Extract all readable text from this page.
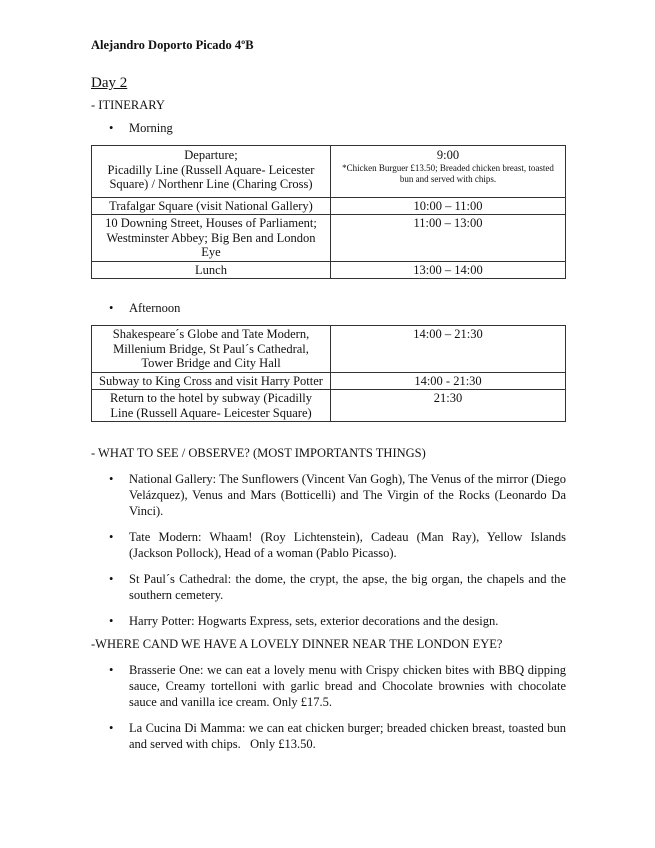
Alejandro Doporto Picado 4ºB

Day 2

- ITINERARY

•	Morning
Departure;
Picadilly Line (Russell Aquare- Leicester Square) / Northenr Line (Charing Cross)	9:00
*Chicken Burguer £13.50; Breaded chicken breast, toasted bun and served with chips.

Trafalgar Square (visit National Gallery)	10:00 – 11:00
10 Downing Street, Houses of Parliament; Westminster Abbey; Big Ben and London Eye	11:00 – 13:00
Lunch	13:00 – 14:00
•	Afternoon
Shakespeare´s Globe and Tate Modern, Millenium Bridge, St Paul´s Cathedral, Tower Bridge and City Hall	14:00 – 21:30
Subway to King Cross and visit Harry Potter	14:00 - 21:30
Return to the hotel by subway (Picadilly Line (Russell Aquare- Leicester Square)	21:30

- WHAT TO SEE / OBSERVE? (MOST IMPORTANTS THINGS)

•	National Gallery: The Sunflowers (Vincent Van Gogh), The Venus of the mirror (Diego Velázquez), Venus and Mars (Botticelli) and The Virgin of the Rocks (Leonardo Da Vinci).
•	Tate Modern: Whaam! (Roy Lichtenstein), Cadeau (Man Ray), Yellow Islands (Jackson Pollock), Head of a woman (Pablo Picasso).
•	St Paul´s Cathedral: the dome, the crypt, the apse, the big organ, the chapels and the southern cemetery.
•	Harry Potter: Hogwarts Express, sets, exterior decorations and the design.

-WHERE CAND WE HAVE A LOVELY DINNER NEAR THE LONDON EYE?

•	Brasserie One: we can eat a lovely menu with Crispy chicken bites with BBQ dipping sauce, Creamy tortelloni with garlic bread and Chocolate brownies with chocolate sauce and vanilla ice cream. Only £17.5.
•	La Cucina Di Mamma: we can eat chicken burger; breaded chicken breast, toasted bun and served with chips.   Only £13.50.
